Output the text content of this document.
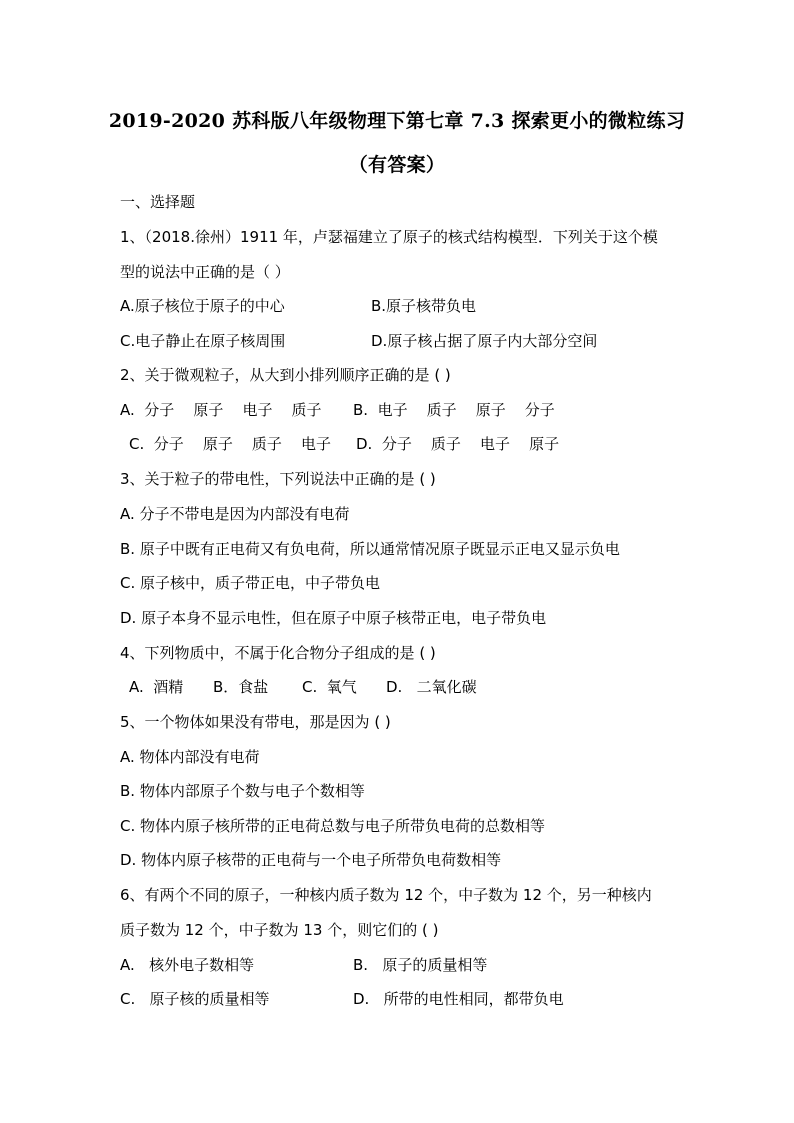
2019-2020 苏科版八年级物理下第七章 7.3 探索更小的微粒练习
（有答案）
一、选择题
1、（2018.徐州）1911 年，卢瑟福建立了原子的核式结构模型．下列关于这个模
型的说法中正确的是（ ）
A.原子核位于原子的中心	B.原子核带负电
C.电子静止在原子核周围	D.原子核占据了原子内大部分空间
2、关于微观粒子，从大到小排列顺序正确的是 ( )
A.  分子    原子    电子    质子 B.  电子    质子    原子    分子
C.  分子    原子    质子    电子 D.  分子    质子    电子    原子
3、关于粒子的带电性，下列说法中正确的是 ( )
A. 分子不带电是因为内部没有电荷
B. 原子中既有正电荷又有负电荷，所以通常情况原子既显示正电又显示负电
C. 原子核中，质子带正电，中子带负电
D. 原子本身不显示电性，但在原子中原子核带正电，电子带负电
4、下列物质中，不属于化合物分子组成的是 ( )
A.  酒精 B．食盐 C.  氧气 D.   二氧化碳
5、一个物体如果没有带电，那是因为 ( )
A. 物体内部没有电荷
B. 物体内部原子个数与电子个数相等
C. 物体内原子核所带的正电荷总数与电子所带负电荷的总数相等
D. 物体内原子核带的正电荷与一个电子所带负电荷数相等
6、有两个不同的原子，一种核内质子数为 12 个，中子数为 12 个，另一种核内
质子数为 12 个，中子数为 13 个，则它们的 ( )
A.   核外电子数相等	B.   原子的质量相等
C.   原子核的质量相等	D.   所带的电性相同，都带负电
